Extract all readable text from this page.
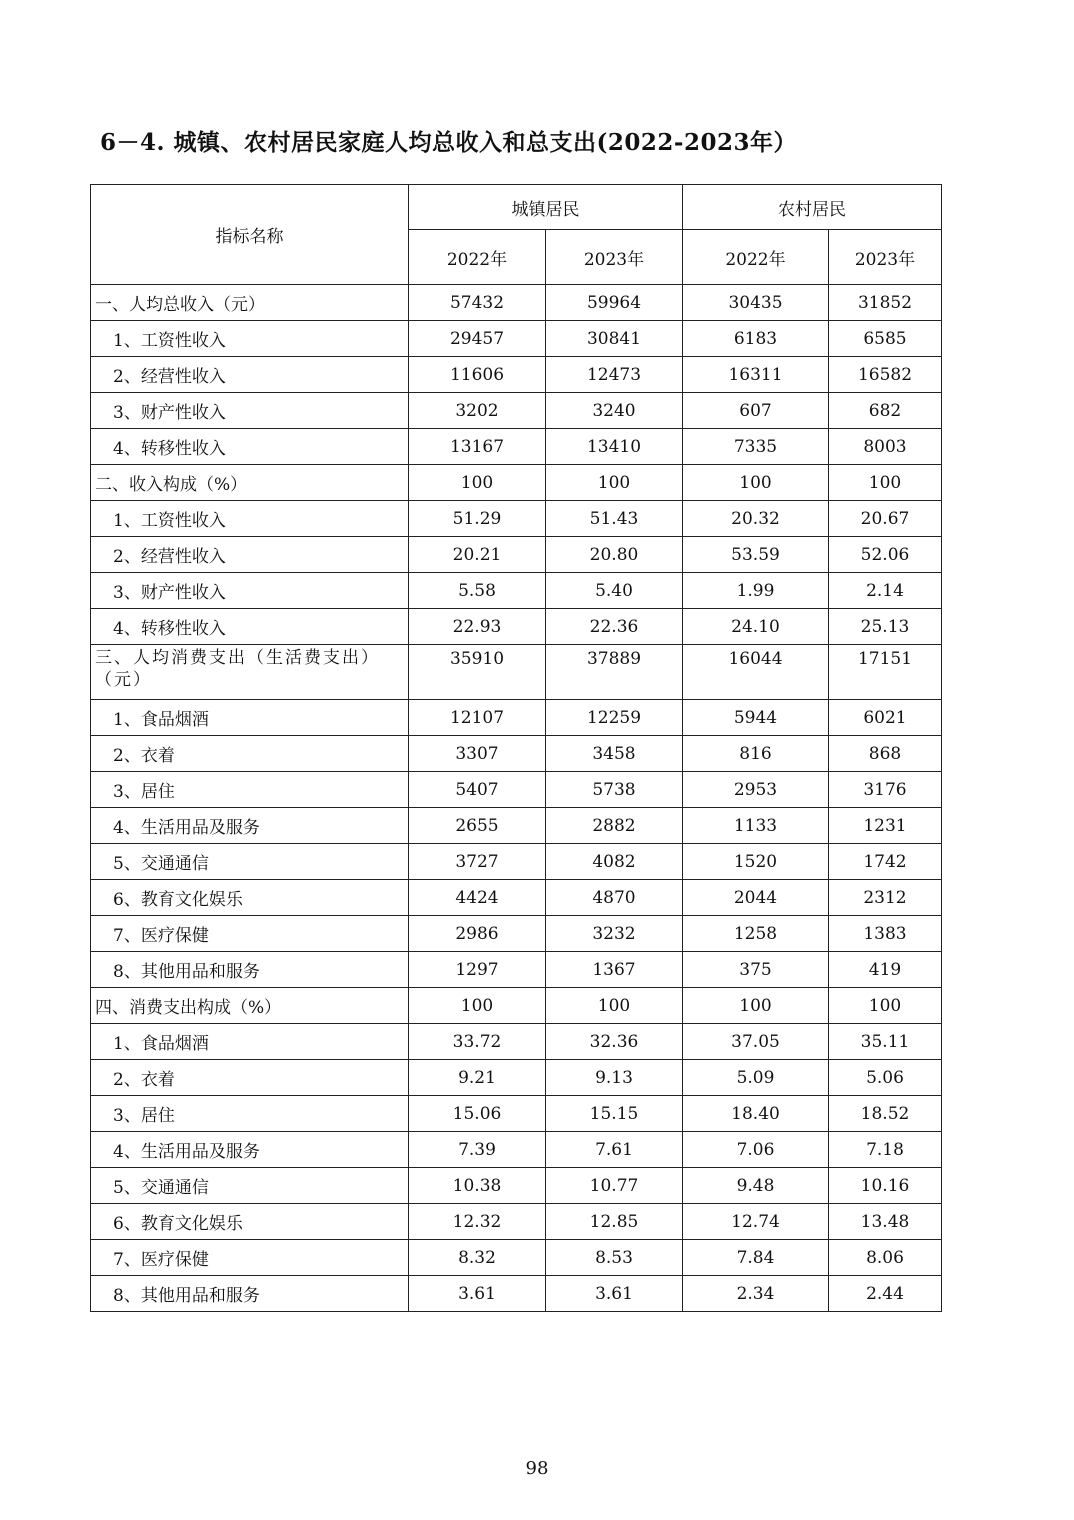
6－4. 城镇、农村居民家庭人均总收入和总支出(2022-2023年）
指标名称	城镇居民		农村居民	
	2022年	2023年	2022年	2023年
一、人均总收入（元）	57432	59964	30435	31852
1、工资性收入	29457	30841	6183	6585
2、经营性收入	11606	12473	16311	16582
3、财产性收入	3202	3240	607	682
4、转移性收入	13167	13410	7335	8003
二、收入构成（%）	100	100	100	100
1、工资性收入	51.29	51.43	20.32	20.67
2、经营性收入	20.21	20.80	53.59	52.06
3、财产性收入	5.58	5.40	1.99	2.14
4、转移性收入	22.93	22.36	24.10	25.13
三、人均消费支出（生活费支出）（元）	35910	37889	16044	17151
1、食品烟酒	12107	12259	5944	6021
2、衣着	3307	3458	816	868
3、居住	5407	5738	2953	3176
4、生活用品及服务	2655	2882	1133	1231
5、交通通信	3727	4082	1520	1742
6、教育文化娱乐	4424	4870	2044	2312
7、医疗保健	2986	3232	1258	1383
8、其他用品和服务	1297	1367	375	419
四、消费支出构成（%）	100	100	100	100
1、食品烟酒	33.72	32.36	37.05	35.11
2、衣着	9.21	9.13	5.09	5.06
3、居住	15.06	15.15	18.40	18.52
4、生活用品及服务	7.39	7.61	7.06	7.18
5、交通通信	10.38	10.77	9.48	10.16
6、教育文化娱乐	12.32	12.85	12.74	13.48
7、医疗保健	8.32	8.53	7.84	8.06
8、其他用品和服务	3.61	3.61	2.34	2.44
98
